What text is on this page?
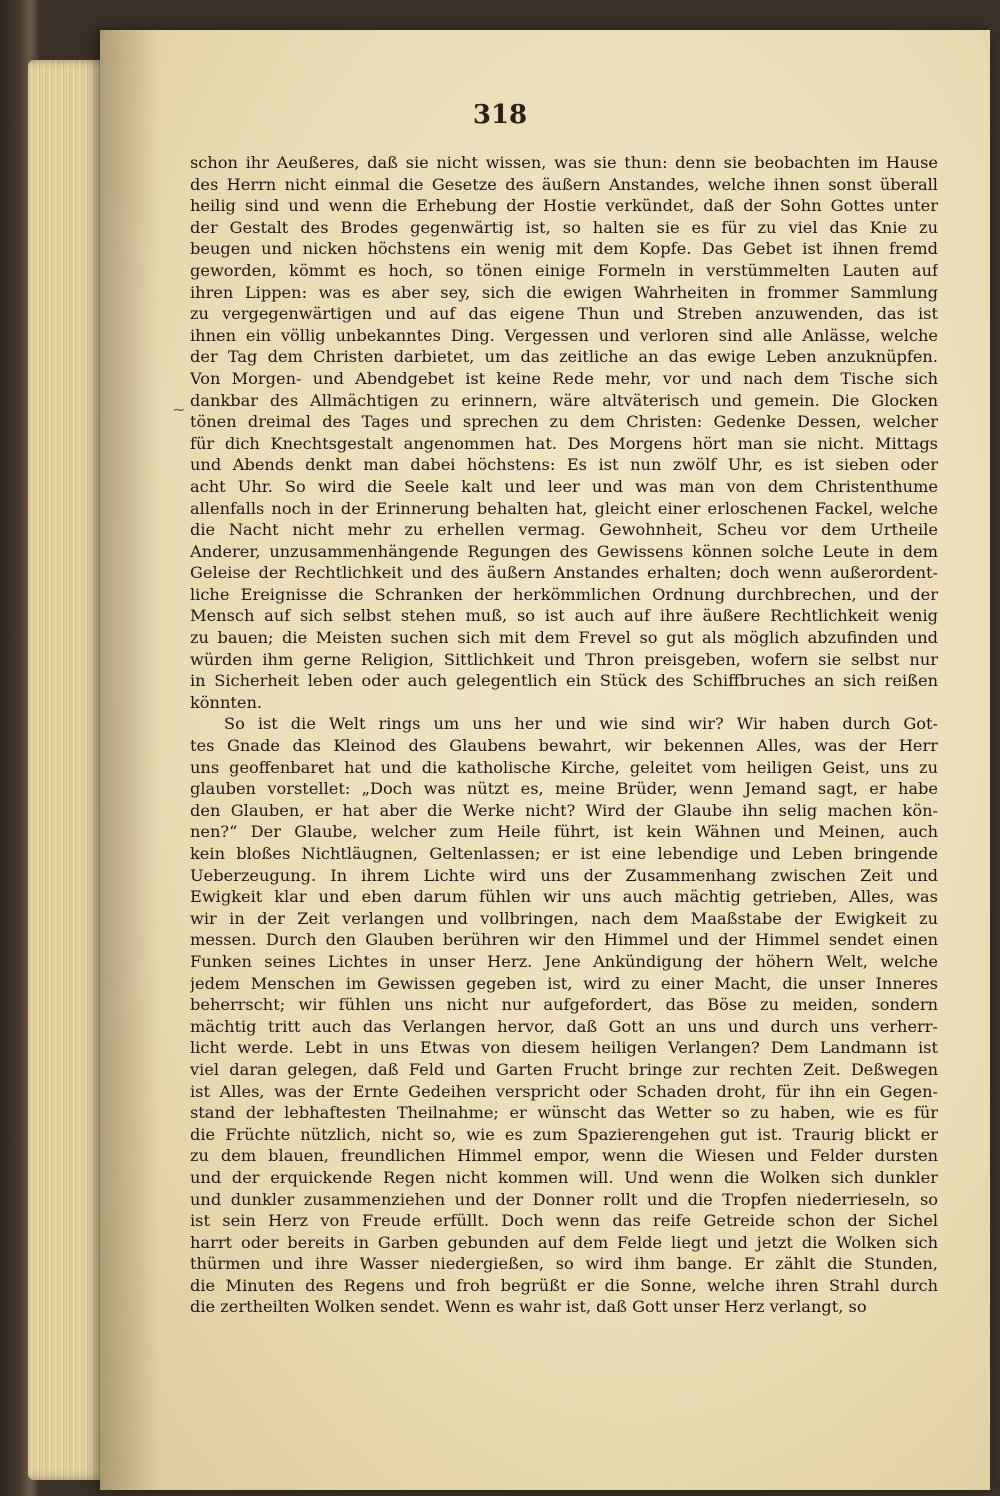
318
~
schon ihr Aeußeres, daß sie nicht wissen, was sie thun: denn sie beobachten im Hause
des Herrn nicht einmal die Gesetze des äußern Anstandes, welche ihnen sonst überall
heilig sind und wenn die Erhebung der Hostie verkündet, daß der Sohn Gottes unter
der Gestalt des Brodes gegenwärtig ist, so halten sie es für zu viel das Knie zu
beugen und nicken höchstens ein wenig mit dem Kopfe. Das Gebet ist ihnen fremd
geworden, kömmt es hoch, so tönen einige Formeln in verstümmelten Lauten auf
ihren Lippen: was es aber sey, sich die ewigen Wahrheiten in frommer Sammlung
zu vergegenwärtigen und auf das eigene Thun und Streben anzuwenden, das ist
ihnen ein völlig unbekanntes Ding. Vergessen und verloren sind alle Anlässe, welche
der Tag dem Christen darbietet, um das zeitliche an das ewige Leben anzuknüpfen.
Von Morgen- und Abendgebet ist keine Rede mehr, vor und nach dem Tische sich
dankbar des Allmächtigen zu erinnern, wäre altväterisch und gemein. Die Glocken
tönen dreimal des Tages und sprechen zu dem Christen: Gedenke Dessen, welcher
für dich Knechtsgestalt angenommen hat. Des Morgens hört man sie nicht. Mittags
und Abends denkt man dabei höchstens: Es ist nun zwölf Uhr, es ist sieben oder
acht Uhr. So wird die Seele kalt und leer und was man von dem Christenthume
allenfalls noch in der Erinnerung behalten hat, gleicht einer erloschenen Fackel, welche
die Nacht nicht mehr zu erhellen vermag. Gewohnheit, Scheu vor dem Urtheile
Anderer, unzusammenhängende Regungen des Gewissens können solche Leute in dem
Geleise der Rechtlichkeit und des äußern Anstandes erhalten; doch wenn außerordent-
liche Ereignisse die Schranken der herkömmlichen Ordnung durchbrechen, und der
Mensch auf sich selbst stehen muß, so ist auch auf ihre äußere Rechtlichkeit wenig
zu bauen; die Meisten suchen sich mit dem Frevel so gut als möglich abzufinden und
würden ihm gerne Religion, Sittlichkeit und Thron preisgeben, wofern sie selbst nur
in Sicherheit leben oder auch gelegentlich ein Stück des Schiffbruches an sich reißen
könnten.
So ist die Welt rings um uns her und wie sind wir? Wir haben durch Got-
tes Gnade das Kleinod des Glaubens bewahrt, wir bekennen Alles, was der Herr
uns geoffenbaret hat und die katholische Kirche, geleitet vom heiligen Geist, uns zu
glauben vorstellet: „Doch was nützt es, meine Brüder, wenn Jemand sagt, er habe
den Glauben, er hat aber die Werke nicht? Wird der Glaube ihn selig machen kön-
nen?“ Der Glaube, welcher zum Heile führt, ist kein Wähnen und Meinen, auch
kein bloßes Nichtläugnen, Geltenlassen; er ist eine lebendige und Leben bringende
Ueberzeugung. In ihrem Lichte wird uns der Zusammenhang zwischen Zeit und
Ewigkeit klar und eben darum fühlen wir uns auch mächtig getrieben, Alles, was
wir in der Zeit verlangen und vollbringen, nach dem Maaßstabe der Ewigkeit zu
messen. Durch den Glauben berühren wir den Himmel und der Himmel sendet einen
Funken seines Lichtes in unser Herz. Jene Ankündigung der höhern Welt, welche
jedem Menschen im Gewissen gegeben ist, wird zu einer Macht, die unser Inneres
beherrscht; wir fühlen uns nicht nur aufgefordert, das Böse zu meiden, sondern
mächtig tritt auch das Verlangen hervor, daß Gott an uns und durch uns verherr-
licht werde. Lebt in uns Etwas von diesem heiligen Verlangen? Dem Landmann ist
viel daran gelegen, daß Feld und Garten Frucht bringe zur rechten Zeit. Deßwegen
ist Alles, was der Ernte Gedeihen verspricht oder Schaden droht, für ihn ein Gegen-
stand der lebhaftesten Theilnahme; er wünscht das Wetter so zu haben, wie es für
die Früchte nützlich, nicht so, wie es zum Spazierengehen gut ist. Traurig blickt er
zu dem blauen, freundlichen Himmel empor, wenn die Wiesen und Felder dursten
und der erquickende Regen nicht kommen will. Und wenn die Wolken sich dunkler
und dunkler zusammenziehen und der Donner rollt und die Tropfen niederrieseln, so
ist sein Herz von Freude erfüllt. Doch wenn das reife Getreide schon der Sichel
harrt oder bereits in Garben gebunden auf dem Felde liegt und jetzt die Wolken sich
thürmen und ihre Wasser niedergießen, so wird ihm bange. Er zählt die Stunden,
die Minuten des Regens und froh begrüßt er die Sonne, welche ihren Strahl durch
die zertheilten Wolken sendet. Wenn es wahr ist, daß Gott unser Herz verlangt, so
